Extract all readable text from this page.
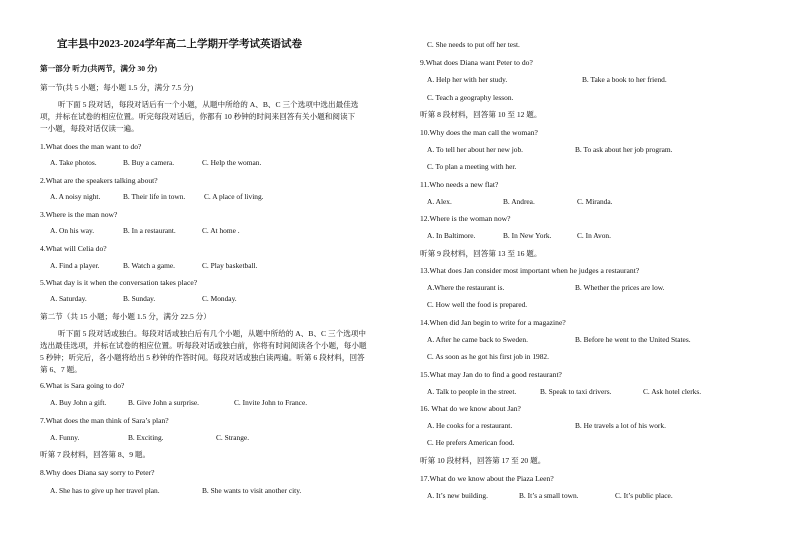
宜丰县中2023-2024学年高二上学期开学考试英语试卷
第一部分 听力(共两节，满分 30 分)
第一节(共 5 小题；每小题 1.5 分，满分 7.5 分)
听下面 5 段对话，每段对话后有一个小题，从题中所给的 A、B、C 三个选项中选出最佳选项，并标在试卷的相应位置。听完每段对话后，你都有 10 秒钟的时间来回答有关小题和阅读下一小题，每段对话仅读一遍。
1.What does the man want to do?
A. Take photos.	B. Buy a camera.	C. Help the woman.
2.What are the speakers talking about?
A. A noisy night.	B. Their life in town.	C. A place of living.
3.Where is the man now?
A. On his way.	B. In a restaurant.	C. At home .
4.What will Celia do?
A. Find a player.	B. Watch a game.	C. Play basketball.
5.What day is it when the conversation takes place?
A. Saturday.	B. Sunday.	C. Monday.
第二节（共 15 小题；每小题 1.5 分，满分 22.5 分）
听下面 5 段对话或独白。每段对话或独白后有几个小题，从题中所给的 A、B、C 三个选项中选出最佳选项，并标在试卷的相应位置。听每段对话或独白前，你将有时间阅读各个小题，每小题 5 秒钟；听完后，各小题将给出 5 秒钟的作答时间。每段对话或独白读两遍。听第 6 段材料，回答第 6、7 题。
6.What is Sara going to do?
A. Buy John a gift.	B. Give John a surprise.	C. Invite John to France.
7.What does the man think of Sara’s plan?
A. Funny.	B. Exciting.	C. Strange.
听第 7 段材料，回答第 8、9 题。
8.Why does Diana say sorry to Peter?
A. She has to give up her travel plan.	B. She wants to visit another city.
C. She needs to put off her test.
9.What does Diana want Peter to do?
A. Help her with her study.	B. Take a book to her friend.
C. Teach a geography lesson.
听第 8 段材料，回答第 10 至 12 题。
10.Why does the man call the woman?
A. To tell her about her new job.	B. To ask about her job program.
C. To plan a meeting with her.
11.Who needs a new flat?
A. Alex.	B. Andrea.	C. Miranda.
12.Where is the woman now?
A. In Baltimore.	B. In New York.	C. In Avon.
听第 9 段材料，回答第 13 至 16 题。
13.What does Jan consider most important when he judges a restaurant?
A.Where the restaurant is.	B. Whether the prices are low.
C. How well the food is prepared.
14.When did Jan begin to write for a magazine?
A. After he came back to Sweden.	B. Before he went to the United States.
C. As soon as he got his first job in 1982.
15.What may Jan do to find a good restaurant?
A. Talk to people in the street.	B. Speak to taxi drivers.	C. Ask hotel clerks.
16. What do we know about Jan?
A. He cooks for a restaurant.	B. He travels a lot of his work.
C. He prefers American food.
听第 10 段材料，回答第 17 至 20 题。
17.What do we know about the Piaza Leen?
A. It’s new building.	B. It’s a small town.	C. It’s public place.
